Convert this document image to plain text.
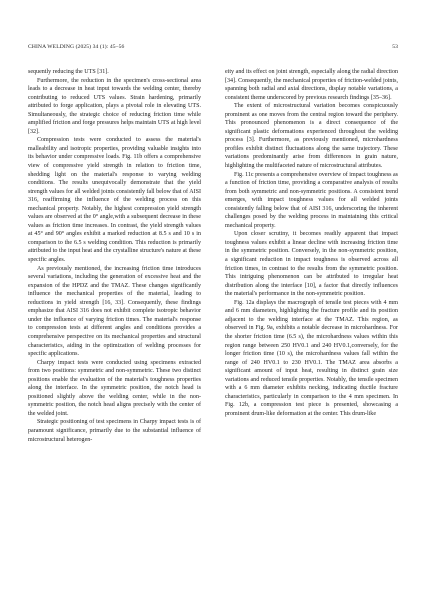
CHINA WELDING (2025) 34 (1): 45–56	53

sequently reducing the UTS [31].

Furthermore, the reduction in the specimen's cross-sectional area leads to a decrease in heat input towards the welding center, thereby contributing to reduced UTS values. Strain hardening, primarily attributed to forge application, plays a pivotal role in elevating UTS. Simultaneously, the strategic choice of reducing friction time while amplified friction and forge pressures helps maintain UTS at high level [32].

Compression tests were conducted to assess the material's malleability and isotropic properties, providing valuable insights into its behavior under compressive loads. Fig. 11b offers a comprehensive view of compressive yield strength in relation to friction time, shedding light on the material's response to varying welding conditions. The results unequivocally demonstrate that the yield strength values for all welded joints consistently fall below that of AISI 316, reaffirming the influence of the welding process on this mechanical property. Notably, the highest compression yield strength values are observed at the 0° angle,with a subsequent decrease in these values as friction time increases. In contrast, the yield strength values at 45° and 90° angles exhibit a marked reduction at 8.5 s and 10 s in comparison to the 6.5 s welding condition. This reduction is primarily attributed to the input heat and the crystalline structure's nature at these specific angles.

As previously mentioned, the increasing friction time introduces several variations, including the generation of excessive heat and the expansion of the HPDZ and the TMAZ. These changes significantly influence the mechanical properties of the material, leading to reductions in yield strength [16, 33]. Consequently, these findings emphasize that AISI 316 does not exhibit complete isotropic behavior under the influence of varying friction times. The material's response to compression tests at different angles and conditions provides a comprehensive perspective on its mechanical properties and structural characteristics, aiding in the optimization of welding processes for specific applications.

Charpy impact tests were conducted using specimens extracted from two positions: symmetric and non-symmetric. These two distinct positions enable the evaluation of the material's toughness properties along the interface. In the symmetric position, the notch head is positioned slightly above the welding center, while in the non-symmetric position, the notch head aligns precisely with the center of the welded joint.

Strategic positioning of test specimens in Charpy impact tests is of paramount significance, primarily due to the substantial influence of microstructural heterogen-

eity and its effect on joint strength, especially along the radial direction [34]. Consequently, the mechanical properties of friction-welded joints, spanning both radial and axial directions, display notable variations, a consistent theme underscored by previous research findings [35–36].

The extent of microstructural variation becomes conspicuously prominent as one moves from the central region toward the periphery. This pronounced phenomenon is a direct consequence of the significant plastic deformations experienced throughout the welding process [3]. Furthermore, as previously mentioned, microhardness profiles exhibit distinct fluctuations along the same trajectory. These variations predominantly arise from differences in grain nature, highlighting the multifaceted nature of microstructural attributes.

Fig. 11c presents a comprehensive overview of impact toughness as a function of friction time, providing a comparative analysis of results from both symmetric and non-symmetric positions. A consistent trend emerges, with impact toughness values for all welded joints consistently falling below that of AISI 316, underscoring the inherent challenges posed by the welding process in maintaining this critical mechanical property.

Upon closer scrutiny, it becomes readily apparent that impact toughness values exhibit a linear decline with increasing friction time in the symmetric position. Conversely, in the non-symmetric position, a significant reduction in impact toughness is observed across all friction times, in contrast to the results from the symmetric position. This intriguing phenomenon can be attributed to irregular heat distribution along the interface [10], a factor that directly influences the material's performance in the non-symmetric position.

Fig. 12a displays the macrograph of tensile test pieces with 4 mm and 6 mm diameters, highlighting the fracture profile and its position adjacent to the welding interface at the TMAZ. This region, as observed in Fig. 9a, exhibits a notable decrease in microhardness. For the shorter friction time (6.5 s), the microhardness values within this region range between 250 HV0.1 and 240 HV0.1,conversely, for the longer friction time (10 s), the microhardness values fall within the range of 240 HV0.1 to 230 HV0.1. The TMAZ area absorbs a significant amount of input heat, resulting in distinct grain size variations and reduced tensile properties. Notably, the tensile specimen with a 6 mm diameter exhibits necking, indicating ductile fracture characteristics, particularly in comparison to the 4 mm specimen. In Fig. 12b, a compression test piece is presented, showcasing a prominent drum-like deformation at the center. This drum-like
